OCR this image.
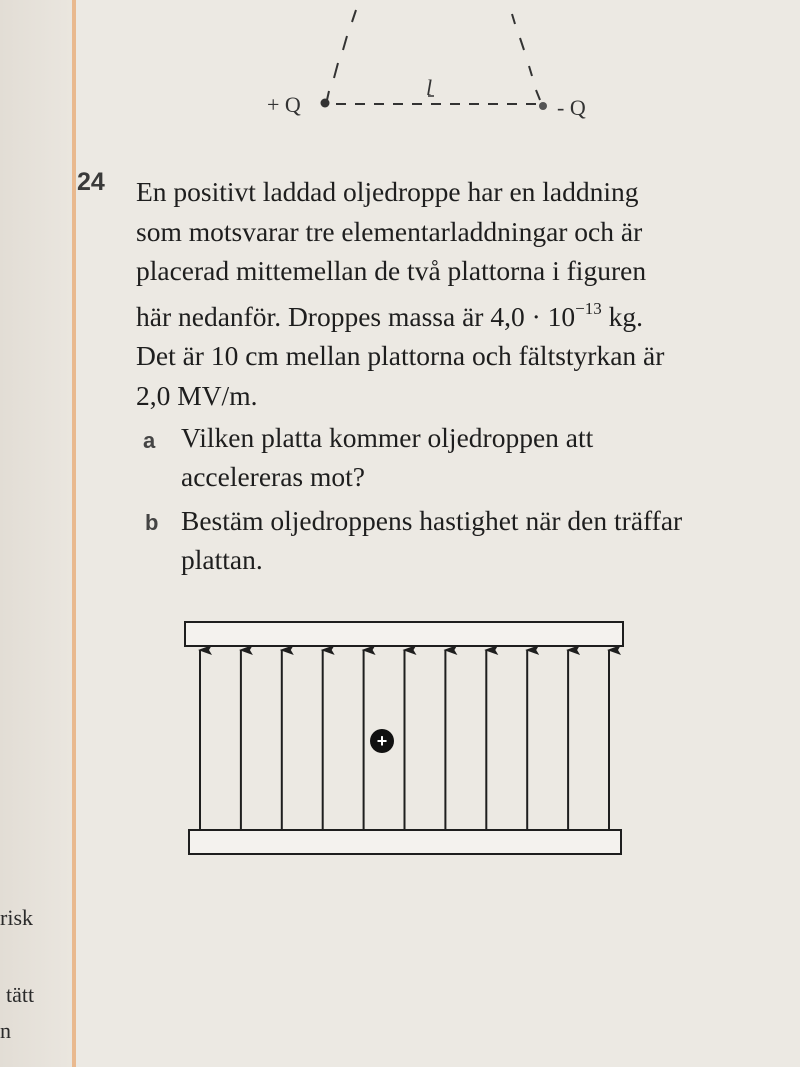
risk
tätt
n
+ Q	- Q
l
24 En positivt laddad oljedroppe har en laddning
som motsvarar tre elementarladdningar och är
placerad mittemellan de två plattorna i figuren
här nedanför. Droppes massa är $4,0 \cdot 10^{-13}$ kg.
Det är 10 cm mellan plattorna och fältstyrkan är
2,0 MV/m.

a Vilken platta kommer oljedroppen att
accelereras mot?

b Bestäm oljedroppens hastighet när den träffar
plattan.

+
